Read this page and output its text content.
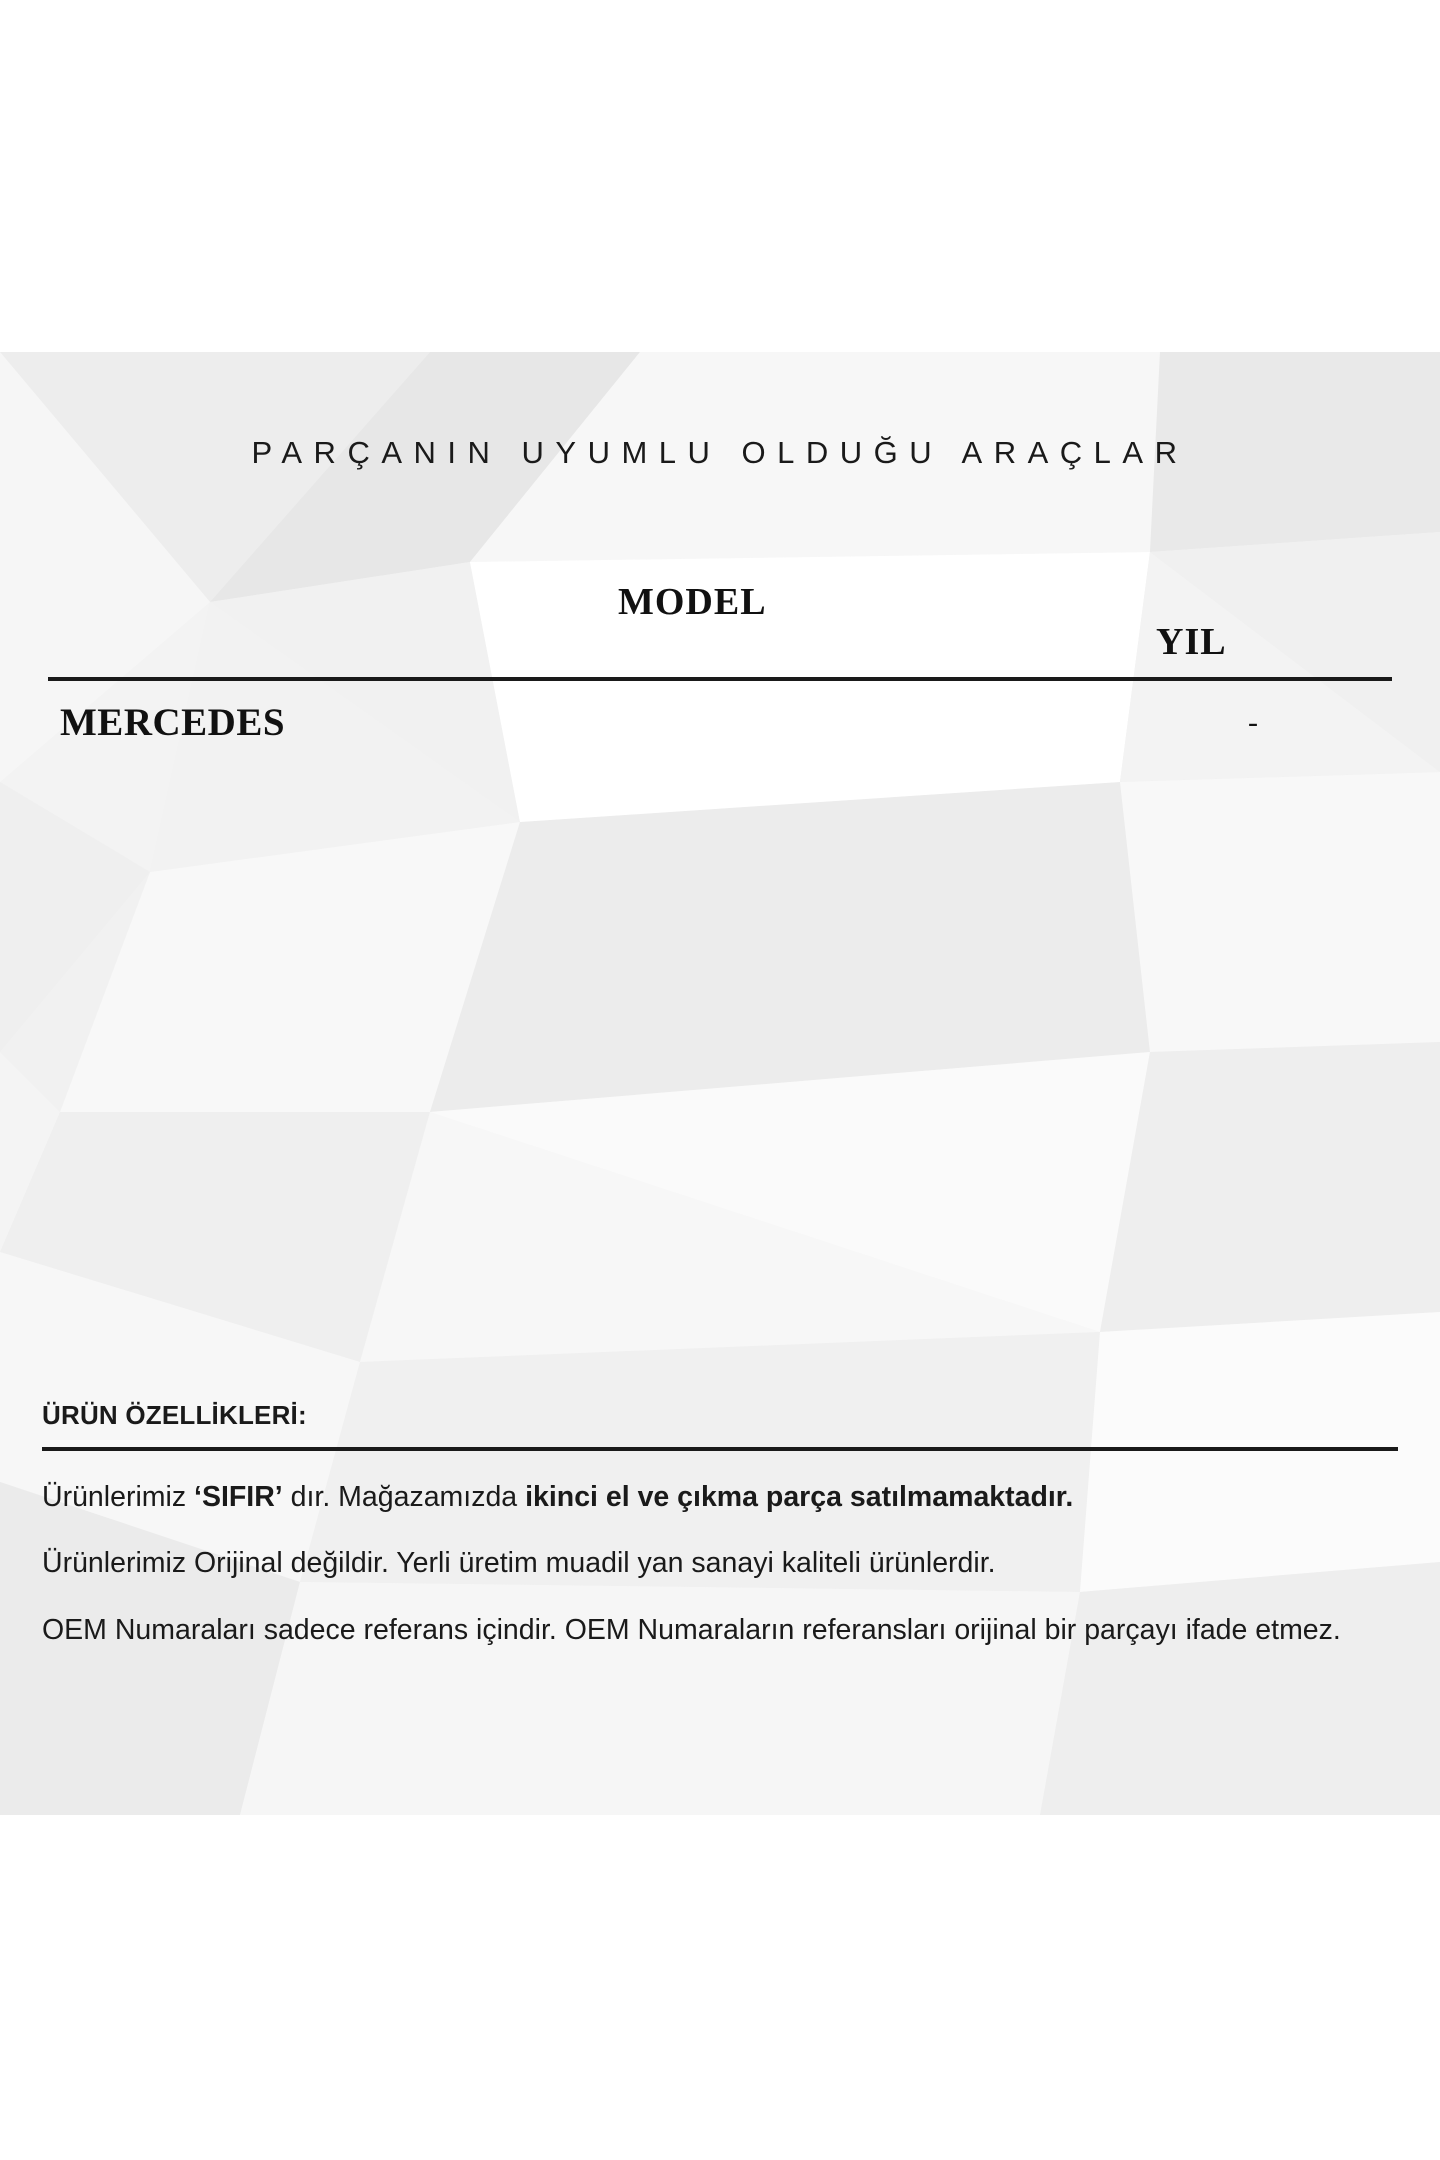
PARÇANIN UYUMLU OLDUĞU ARAÇLAR
MODEL
YIL
MERCEDES	-
ÜRÜN ÖZELLİKLERİ:
Ürünlerimiz ‘SIFIR’ dır. Mağazamızda ikinci el ve çıkma parça satılmamaktadır.
Ürünlerimiz Orijinal değildir. Yerli üretim muadil yan sanayi kaliteli ürünlerdir.
OEM Numaraları sadece referans içindir. OEM Numaraların referansları orijinal bir parçayı ifade etmez.
